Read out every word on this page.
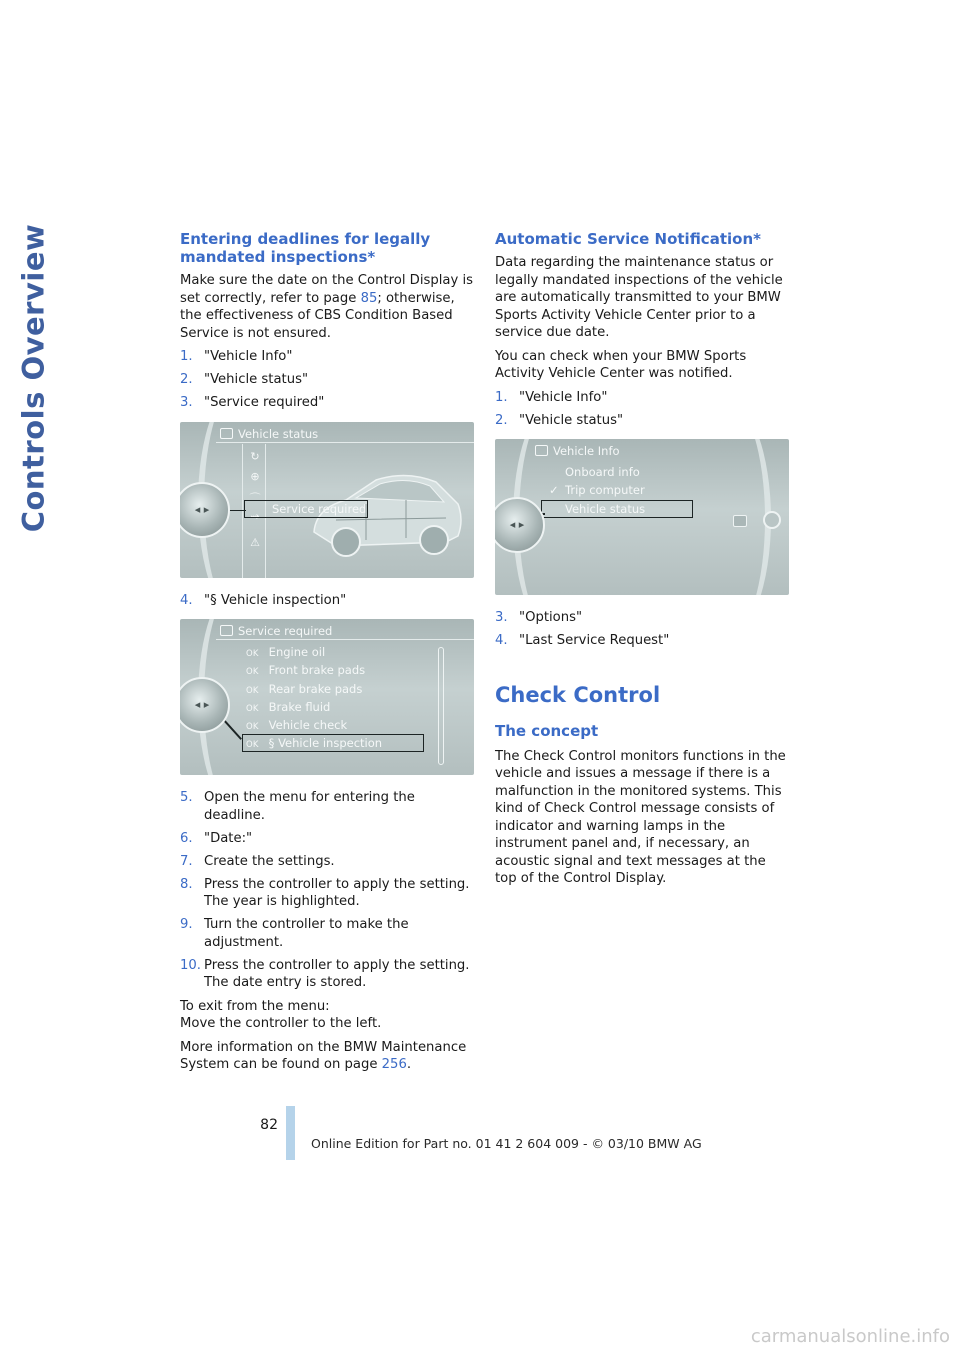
Controls Overview	Entering deadlines for legally mandated inspections*

Make sure the date on the Control Display is set correctly, refer to page 85; otherwise, the effectiveness of CBS Condition Based Service is not ensured.

1. "Vehicle Info"
2. "Vehicle status"
3. "Service required"
Vehicle status
↻
⊕
⌒
⇝
⚠
Service required
◂ ▸
4. "§ Vehicle inspection"
Service required
OK Engine oil
OK Front brake pads
OK Rear brake pads
OK Brake fluid
OK Vehicle check
OK § Vehicle inspection
◂ ▸
5. Open the menu for entering the deadline.
6. "Date:"
7. Create the settings.
8. Press the controller to apply the setting. The year is highlighted.
9. Turn the controller to make the adjustment.
10. Press the controller to apply the setting. The date entry is stored.

To exit from the menu:
Move the controller to the left.

More information on the BMW Maintenance System can be found on page 256.

Automatic Service Notification*

Data regarding the maintenance status or legally mandated inspections of the vehicle are automatically transmitted to your BMW Sports Activity Vehicle Center prior to a service due date.

You can check when your BMW Sports Activity Vehicle Center was notified.

1. "Vehicle Info"
2. "Vehicle status"
Vehicle Info
Onboard info
✓ Trip computer
Vehicle status
◂ ▸
3. "Options"
4. "Last Service Request"
Check Control
The concept

The Check Control monitors functions in the vehicle and issues a message if there is a malfunction in the monitored systems. This kind of Check Control message consists of indicator and warning lamps in the instrument panel and, if necessary, an acoustic signal and text messages at the top of the Control Display.

82
Online Edition for Part no. 01 41 2 604 009 - © 03/10 BMW AG
carmanualsonline.info
